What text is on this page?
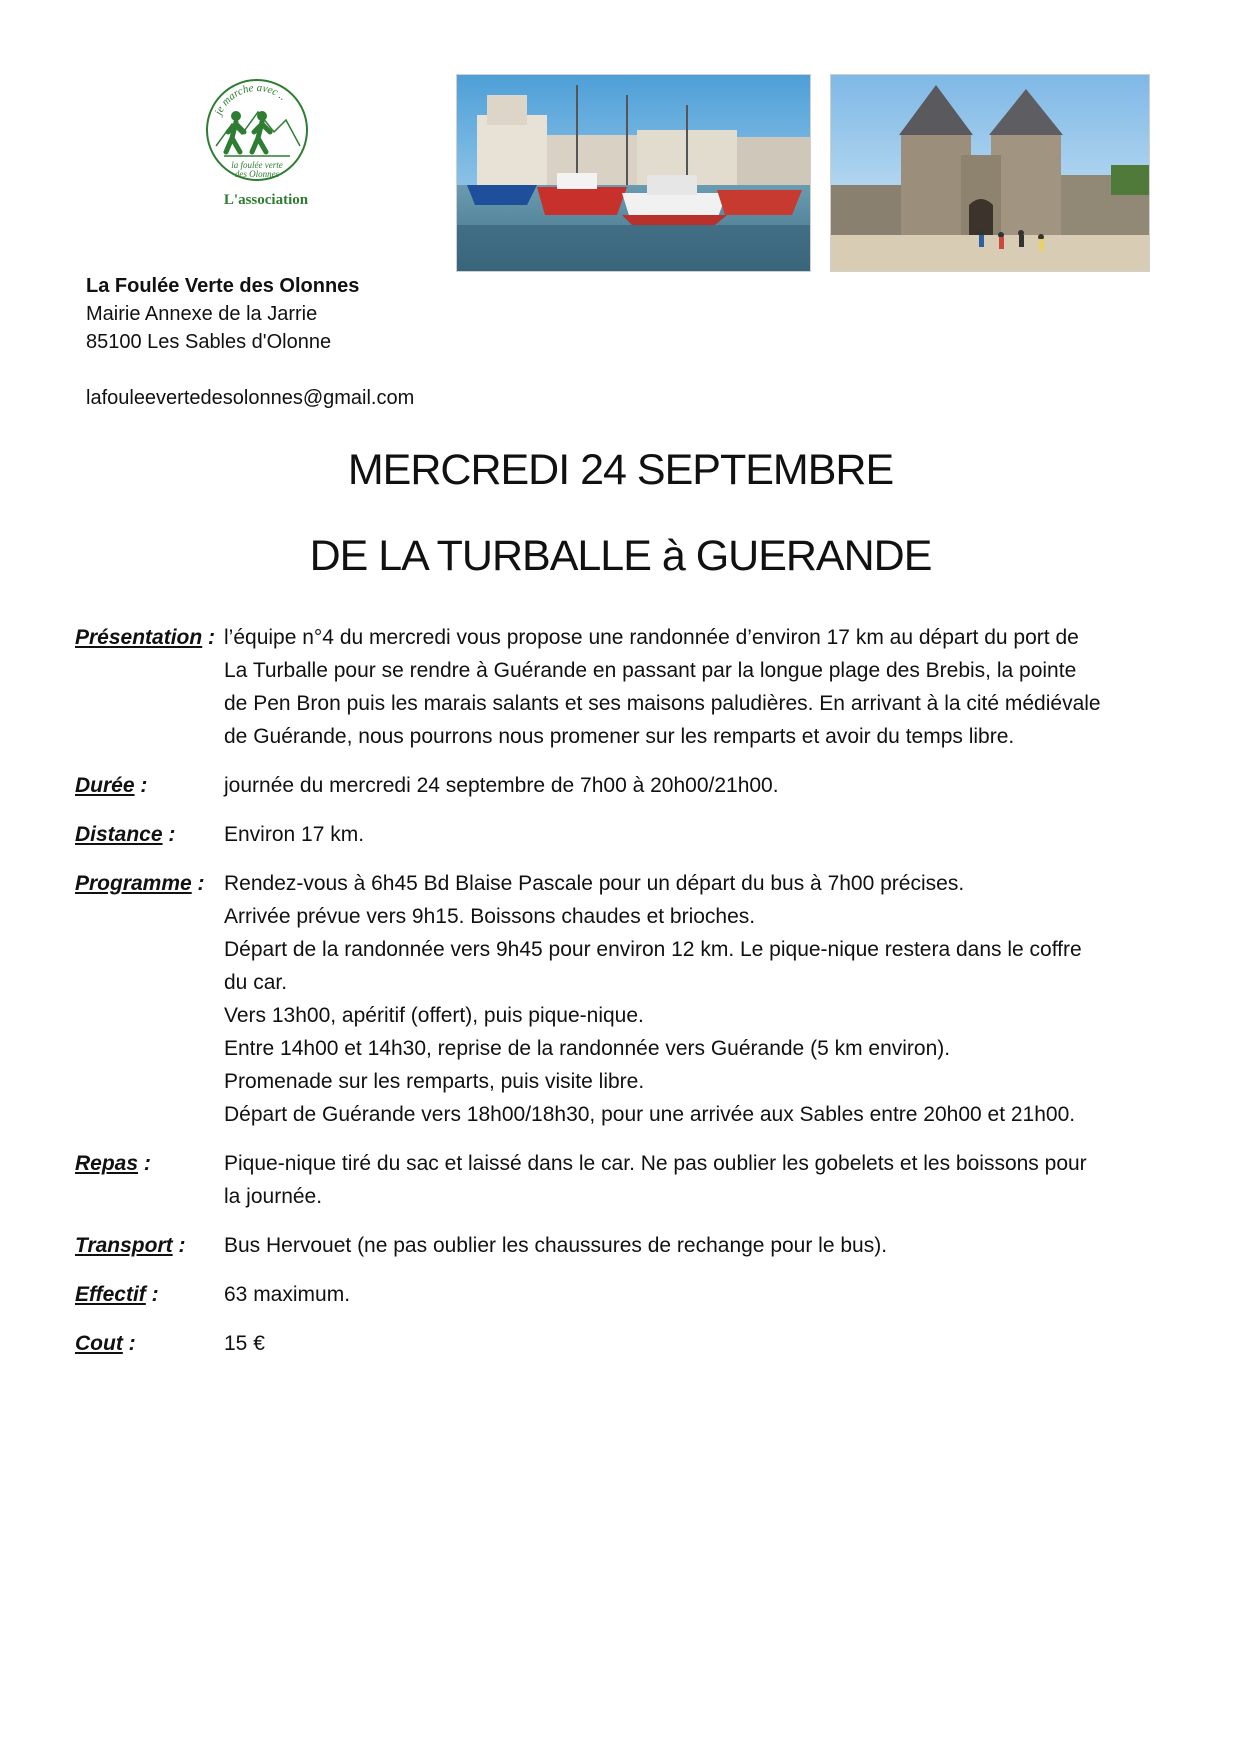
je marche avec ..
la foulée verte
des Olonnes
L'association
La Foulée Verte des Olonnes
Mairie Annexe de la Jarrie
85100 Les Sables d'Olonne
lafouleevertedesolonnes@gmail.com
MERCREDI 24 SEPTEMBRE
DE LA TURBALLE à GUERANDE
Présentation : l’équipe n°4 du mercredi vous propose une randonnée d’environ 17 km au départ du port de
La Turballe pour se rendre à Guérande en passant par la longue plage des Brebis, la pointe
de Pen Bron puis les marais salants et ses maisons paludières. En arrivant à la cité médiévale
de Guérande, nous pourrons nous promener sur les remparts et avoir du temps libre.
Durée :	journée du mercredi 24 septembre de 7h00 à 20h00/21h00.
Distance :	Environ 17 km.
Programme : Rendez-vous à 6h45 Bd Blaise Pascale pour un départ du bus à 7h00 précises.
Arrivée prévue vers 9h15. Boissons chaudes et brioches.
Départ de la randonnée vers 9h45 pour environ 12 km. Le pique-nique restera dans le coffre
du car.
Vers 13h00, apéritif (offert), puis pique-nique.
Entre 14h00 et 14h30, reprise de la randonnée vers Guérande (5 km environ).
Promenade sur les remparts, puis visite libre.
Départ de Guérande vers 18h00/18h30, pour une arrivée aux Sables entre 20h00 et 21h00.
Repas :	Pique-nique tiré du sac et laissé dans le car. Ne pas oublier les gobelets et les boissons pour
la journée.
Transport :	Bus Hervouet (ne pas oublier les chaussures de rechange pour le bus).
Effectif :	63 maximum.
Cout :	15 €
